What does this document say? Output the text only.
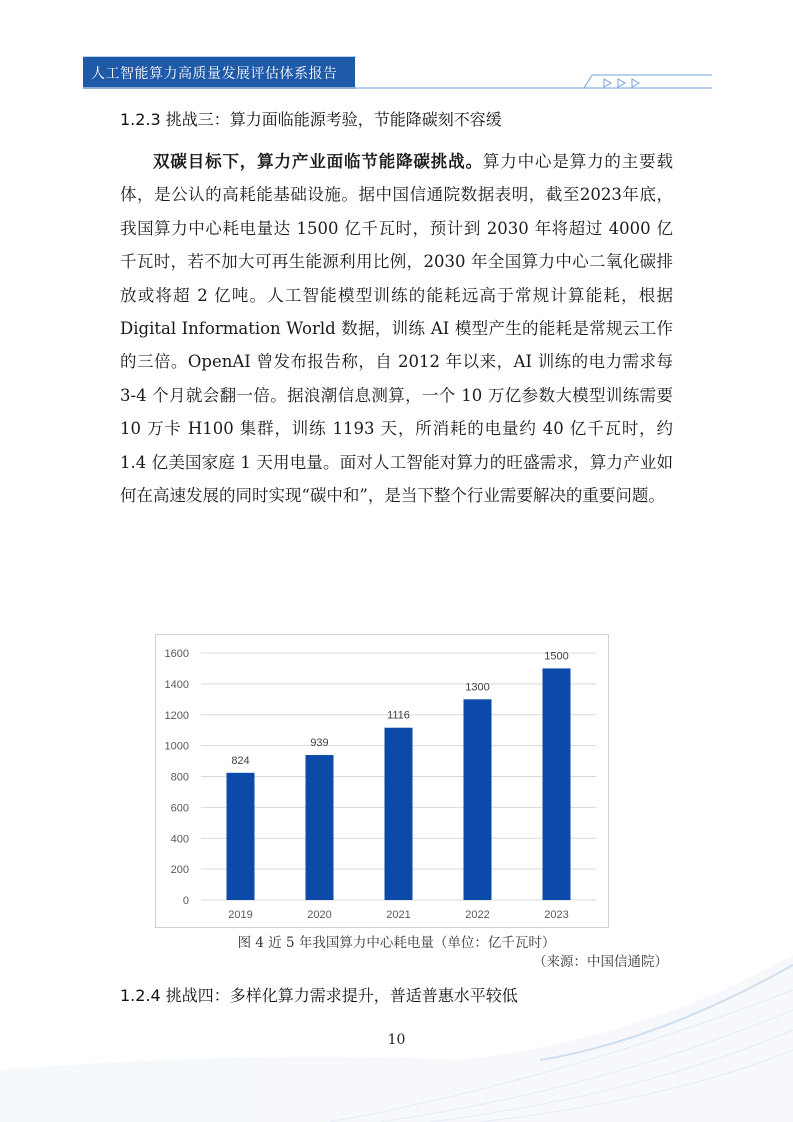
人工智能算力高质量发展评估体系报告
1.2.3 挑战三：算力面临能源考验，节能降碳刻不容缓

双碳目标下，算力产业面临节能降碳挑战。算力中心是算力的主要载体，是公认的高耗能基础设施。据中国信通院数据表明，截至2023年底，我国算力中心耗电量达 1500 亿千瓦时，预计到 2030 年将超过 4000 亿千瓦时，若不加大可再生能源利用比例，2030 年全国算力中心二氧化碳排放或将超 2 亿吨。人工智能模型训练的能耗远高于常规计算能耗，根据 Digital Information World 数据，训练 AI 模型产生的能耗是常规云工作的三倍。OpenAI 曾发布报告称，自 2012 年以来，AI 训练的电力需求每 3-4 个月就会翻一倍。据浪潮信息测算，一个 10 万亿参数大模型训练需要 10 万卡 H100 集群，训练 1193 天，所消耗的电量约 40 亿千瓦时，约 1.4 亿美国家庭 1 天用电量。面对人工智能对算力的旺盛需求，算力产业如何在高速发展的同时实现“碳中和”，是当下整个行业需要解决的重要问题。

0
200
400
600
800
1000
1200
1400
1600
824
2019
939
2020
1116
2021
1300
2022
1500
2023
图 4 近 5 年我国算力中心耗电量（单位：亿千瓦时）
（来源：中国信通院）
1.2.4 挑战四：多样化算力需求提升，普适普惠水平较低
10
